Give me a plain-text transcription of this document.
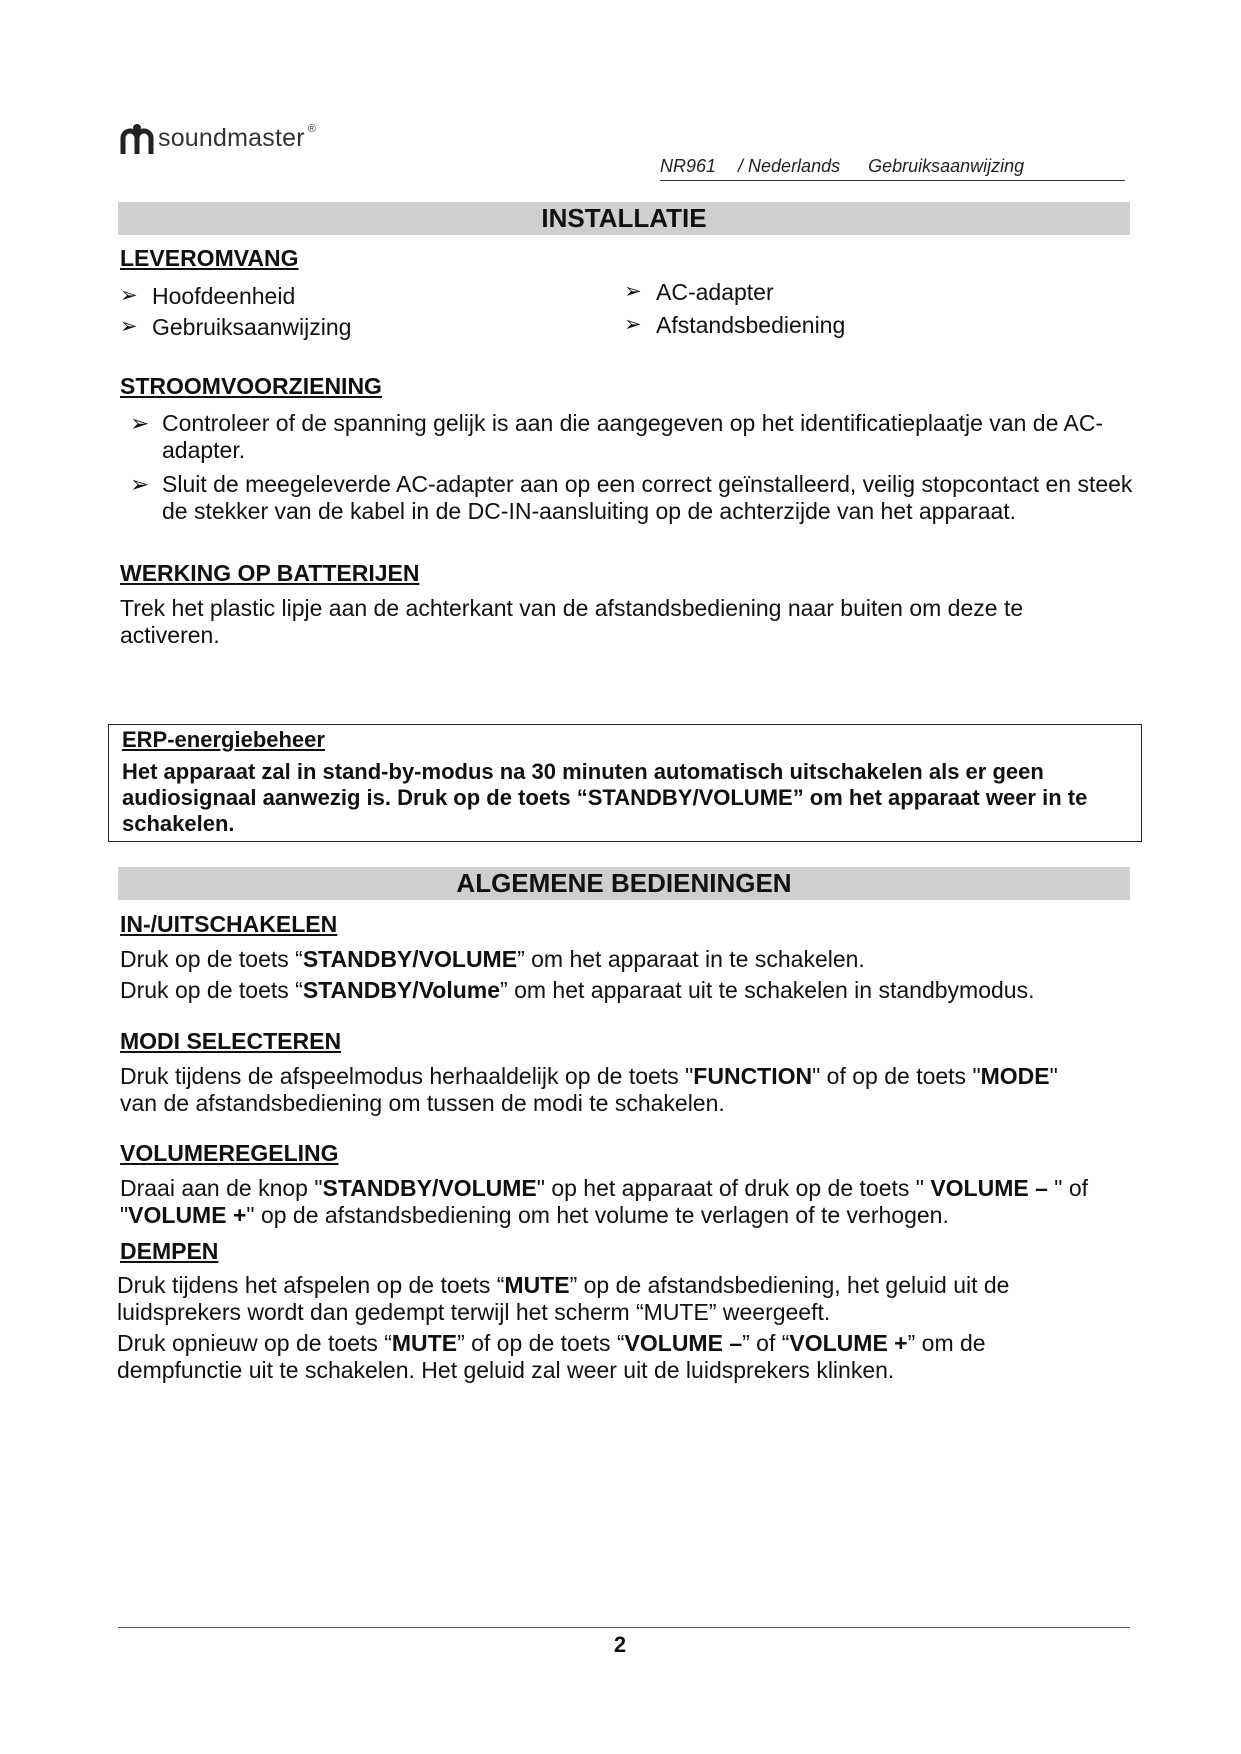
soundmaster ®
NR961 / Nederlands Gebruiksaanwijzing
INSTALLATIE
LEVEROMVANG
➢ Hoofdeenheid
➢ Gebruiksaanwijzing
➢ AC-adapter
➢ Afstandsbediening
STROOMVOORZIENING
➢ Controleer of de spanning gelijk is aan die aangegeven op het identificatieplaatje van de AC-adapter.
➢ Sluit de meegeleverde AC-adapter aan op een correct geïnstalleerd, veilig stopcontact en steek de stekker van de kabel in de DC-IN-aansluiting op de achterzijde van het apparaat.
WERKING OP BATTERIJEN
Trek het plastic lipje aan de achterkant van de afstandsbediening naar buiten om deze te activeren.
ERP-energiebeheer
Het apparaat zal in stand-by-modus na 30 minuten automatisch uitschakelen als er geen audiosignaal aanwezig is. Druk op de toets “STANDBY/VOLUME” om het apparaat weer in te schakelen.
ALGEMENE BEDIENINGEN
IN-/UITSCHAKELEN
Druk op de toets “STANDBY/VOLUME” om het apparaat in te schakelen.
Druk op de toets “STANDBY/Volume” om het apparaat uit te schakelen in standbymodus.
MODI SELECTEREN
Druk tijdens de afspeelmodus herhaaldelijk op de toets "FUNCTION" of op de toets "MODE" van de afstandsbediening om tussen de modi te schakelen.
VOLUMEREGELING
Draai aan de knop "STANDBY/VOLUME" op het apparaat of druk op de toets " VOLUME – " of "VOLUME +" op de afstandsbediening om het volume te verlagen of te verhogen.
DEMPEN
Druk tijdens het afspelen op de toets “MUTE” op de afstandsbediening, het geluid uit de luidsprekers wordt dan gedempt terwijl het scherm “MUTE” weergeeft.
Druk opnieuw op de toets “MUTE” of op de toets “VOLUME –” of “VOLUME +” om de dempfunctie uit te schakelen. Het geluid zal weer uit de luidsprekers klinken.
2
